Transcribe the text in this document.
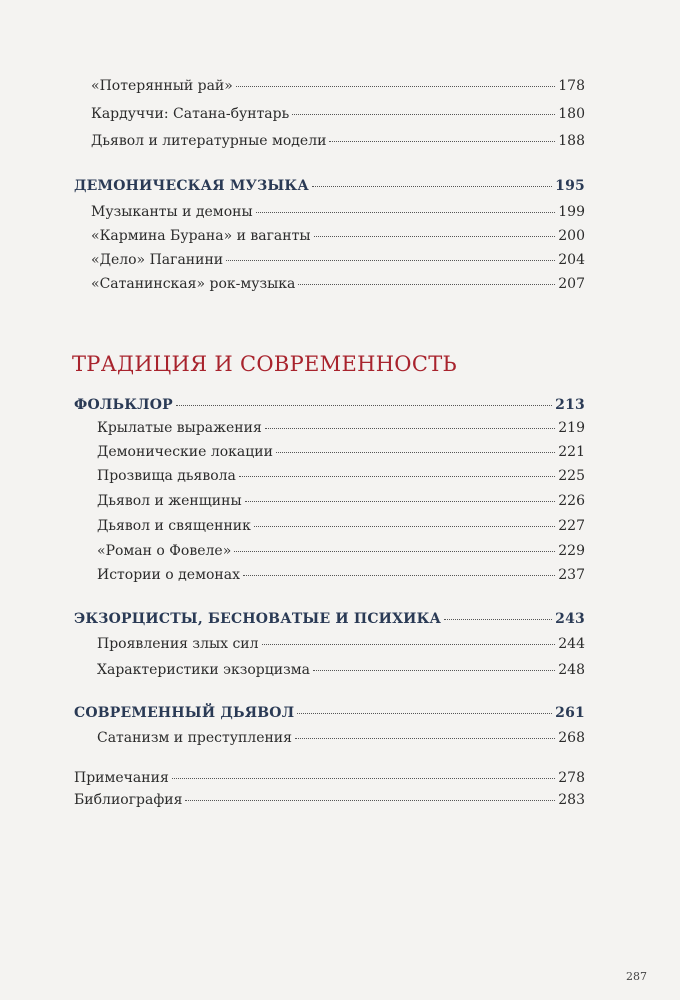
«Потерянный рай»	178
Кардуччи: Сатана-бунтарь	180
Дьявол и литературные модели	188
ДЕМОНИЧЕСКАЯ МУЗЫКА	195
Музыканты и демоны	199
«Кармина Бурана» и ваганты	200
«Дело» Паганини	204
«Сатанинская» рок-музыка	207
ТРАДИЦИЯ И СОВРЕМЕННОСТЬ
ФОЛЬКЛОР	213
Крылатые выражения	219
Демонические локации	221
Прозвища дьявола	225
Дьявол и женщины	226
Дьявол и священник	227
«Роман о Фовеле»	229
Истории о демонах	237
ЭКЗОРЦИСТЫ, БЕСНОВАТЫЕ И ПСИХИКА	243
Проявления злых сил	244
Характеристики экзорцизма	248
СОВРЕМЕННЫЙ ДЬЯВОЛ	261
Сатанизм и преступления	268
Примечания	278
Библиография	283
287
